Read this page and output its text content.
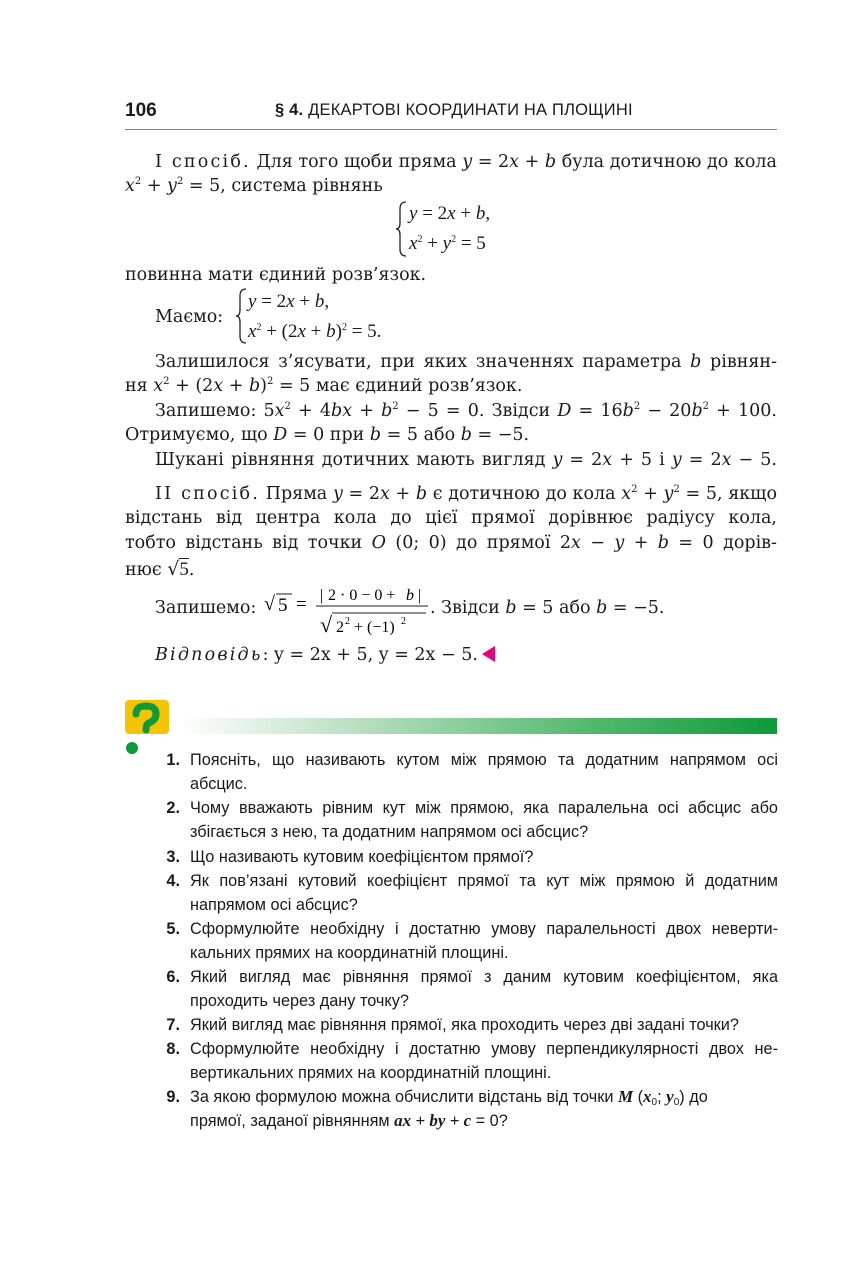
106	§ 4. ДЕКАРТОВІ КООРДИНАТИ НА ПЛОЩИНІ
I спосіб. Для того щоби пряма y = 2x + b була дотичною до кола
$x^2 + y^2 = 5$, система рівнянь
y = 2x + b,
$x^2 + y^2 = 5$
повинна мати єдиний розв’язок.
Маємо:
y = 2x + b,
$x^2 + (2x + b)^2 = 5$.
Залишилося з’ясувати, при яких значеннях параметра b рівнян-
ня $x^2 + (2x + b)^2 = 5$ має єдиний розв’язок.
Запишемо: $5x^2 + 4bx + b^2 - 5 = 0$. Звідси $D = 16b^2 - 20b^2 + 100$.
Отримуємо, що D = 0 при b = 5 або b = −5.
Шукані рівняння дотичних мають вигляд y = 2x + 5 і y = 2x − 5.
II спосіб. Пряма y = 2x + b є дотичною до кола $x^2 + y^2 = 5$, якщо
відстань від центра кола до цієї прямої дорівнює радіусу кола,
тобто відстань від точки O (0; 0) до прямої 2x − y + b = 0 дорів-
нює √5.
Запишемо: √ 5 = | 2 · 0 − 0 + b |
√ 2 2 + (−1) 2
. Звідси b = 5 або b = −5.
Відповідь: y = 2x + 5, y = 2x − 5.
1. Поясніть, що називають кутом між прямою та додатним напрямом осі
абсцис.
2. Чому вважають рівним кут між прямою, яка паралельна осі абсцис або
збігається з нею, та додатним напрямом осі абсцис?
3. Що називають кутовим коефіцієнтом прямої?
4. Як пов’язані кутовий коефіцієнт прямої та кут між прямою й додатним
напрямом осі абсцис?
5. Сформулюйте необхідну і достатню умову паралельності двох неверти-
кальних прямих на координатній площині.
6. Який вигляд має рівняння прямої з даним кутовим коефіцієнтом, яка
проходить через дану точку?
7. Який вигляд має рівняння прямої, яка проходить через дві задані точки?
8. Сформулюйте необхідну і достатню умову перпендикулярності двох не-
вертикальних прямих на координатній площині.
9. За якою формулою можна обчислити відстань від точки M ($x_0$; $y_0$) до
прямої, заданої рівнянням ax + by + c = 0?
